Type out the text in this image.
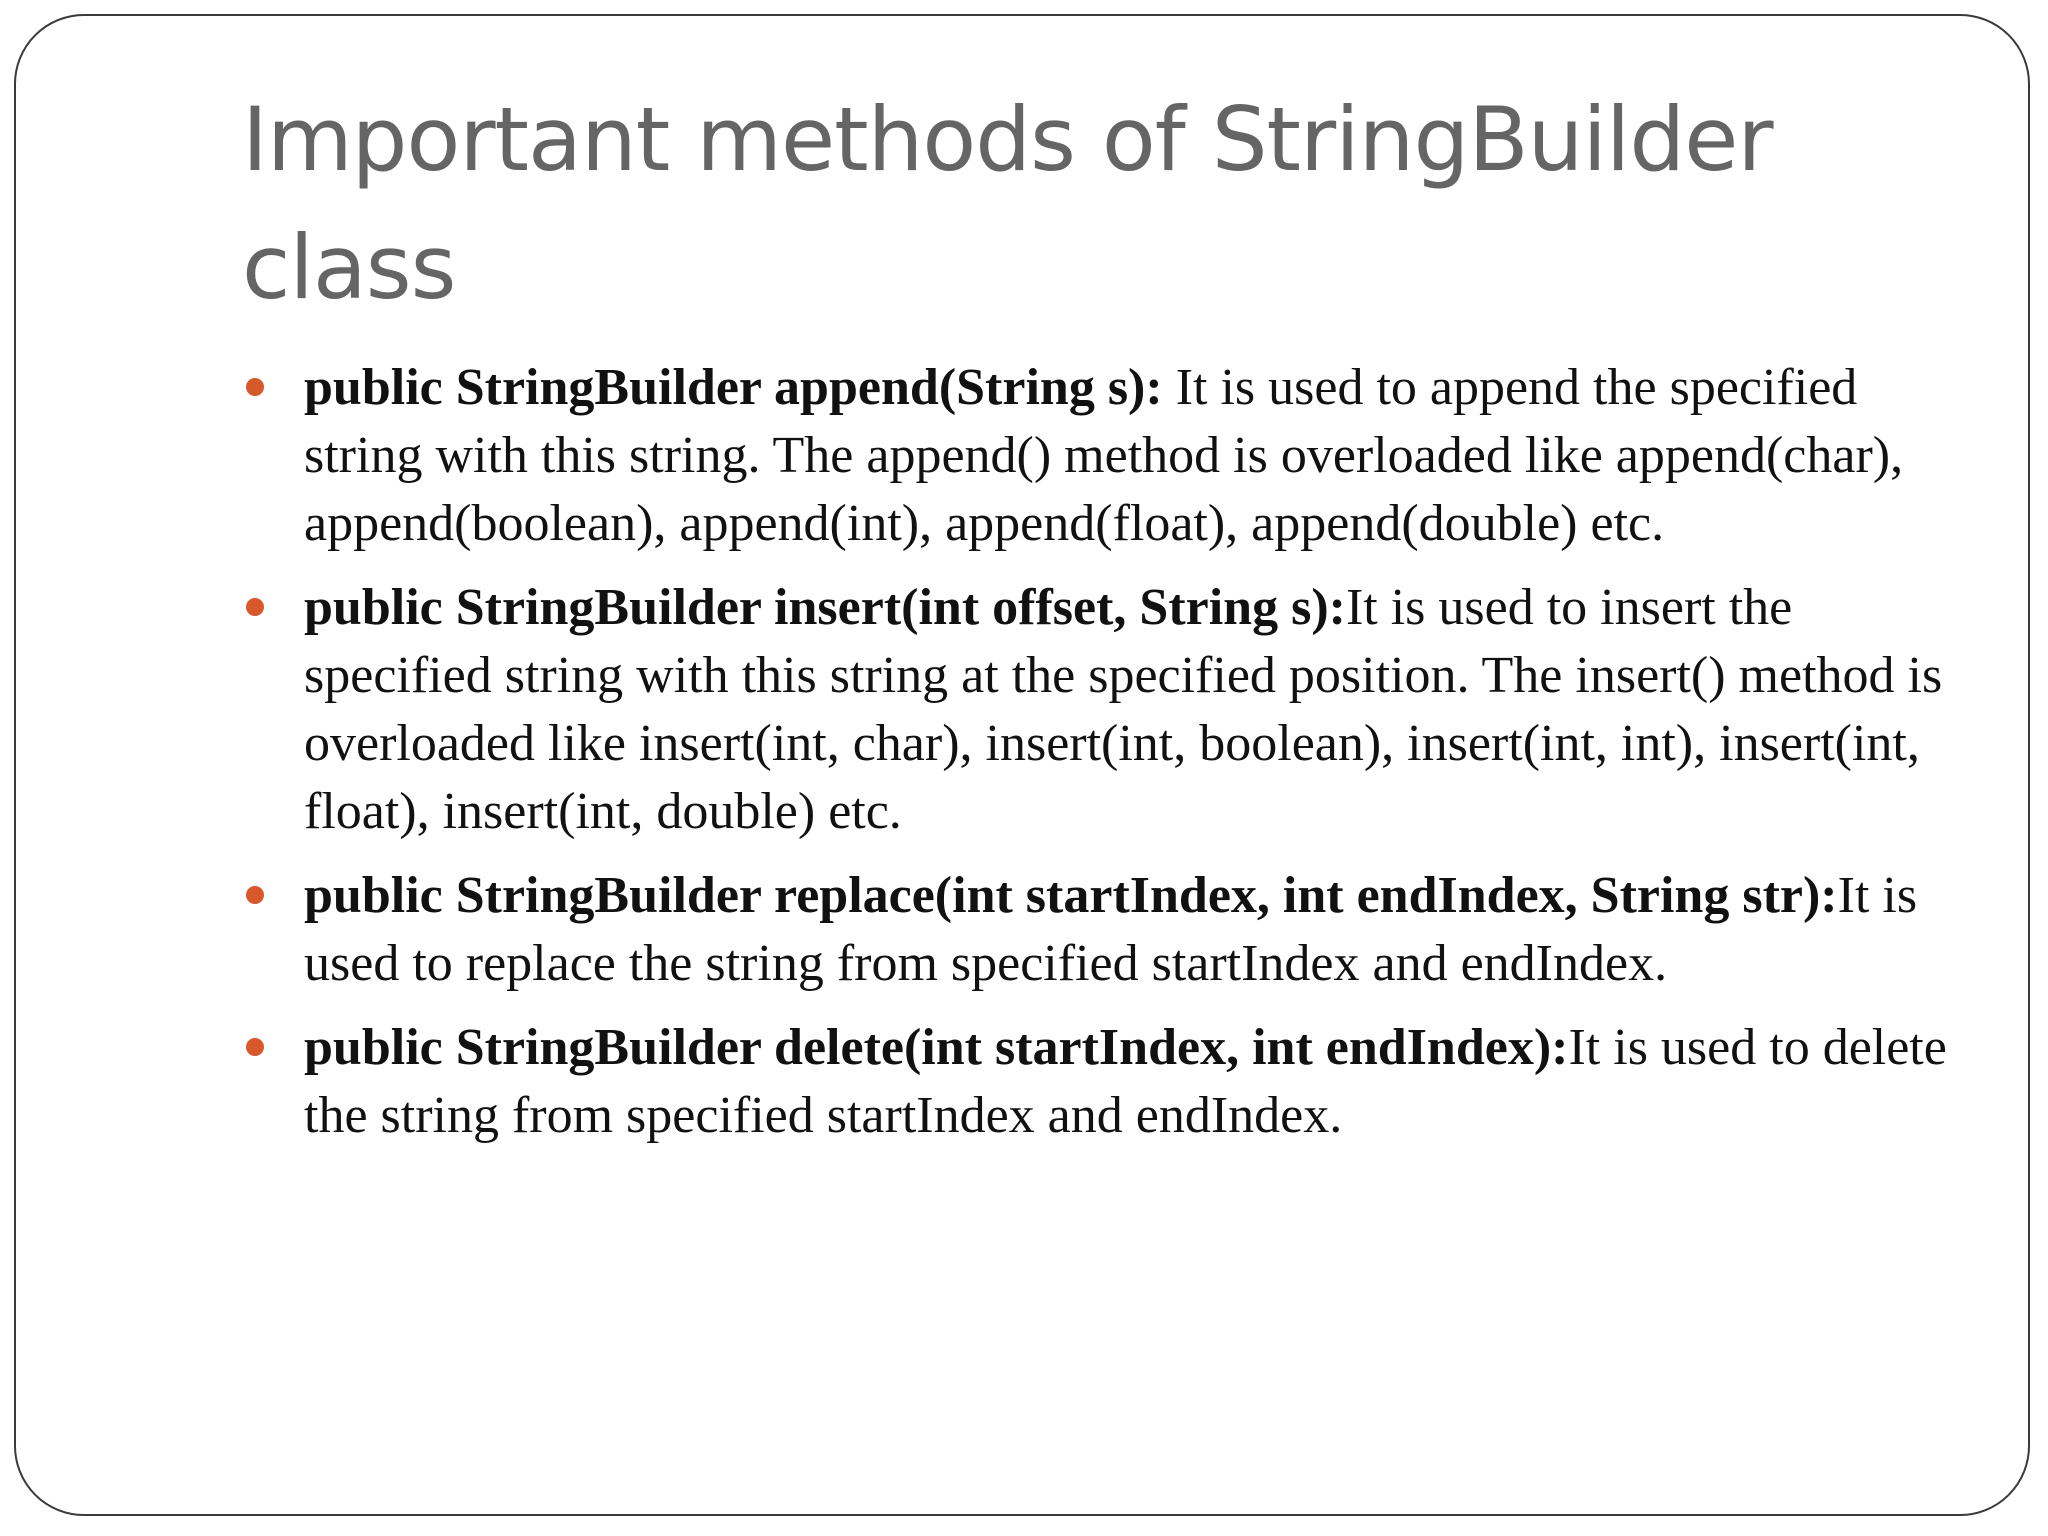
Important methods of StringBuilder class
public StringBuilder append(String s): It is used to append the specified string with this string. The append() method is overloaded like append(char), append(boolean), append(int), append(float), append(double) etc.
public StringBuilder insert(int offset, String s):It is used to insert the specified string with this string at the specified position. The insert() method is overloaded like insert(int, char), insert(int, boolean), insert(int, int), insert(int, float), insert(int, double) etc.
public StringBuilder replace(int startIndex, int endIndex, String str):It is used to replace the string from specified startIndex and endIndex.
public StringBuilder delete(int startIndex, int endIndex):It is used to delete the string from specified startIndex and endIndex.
